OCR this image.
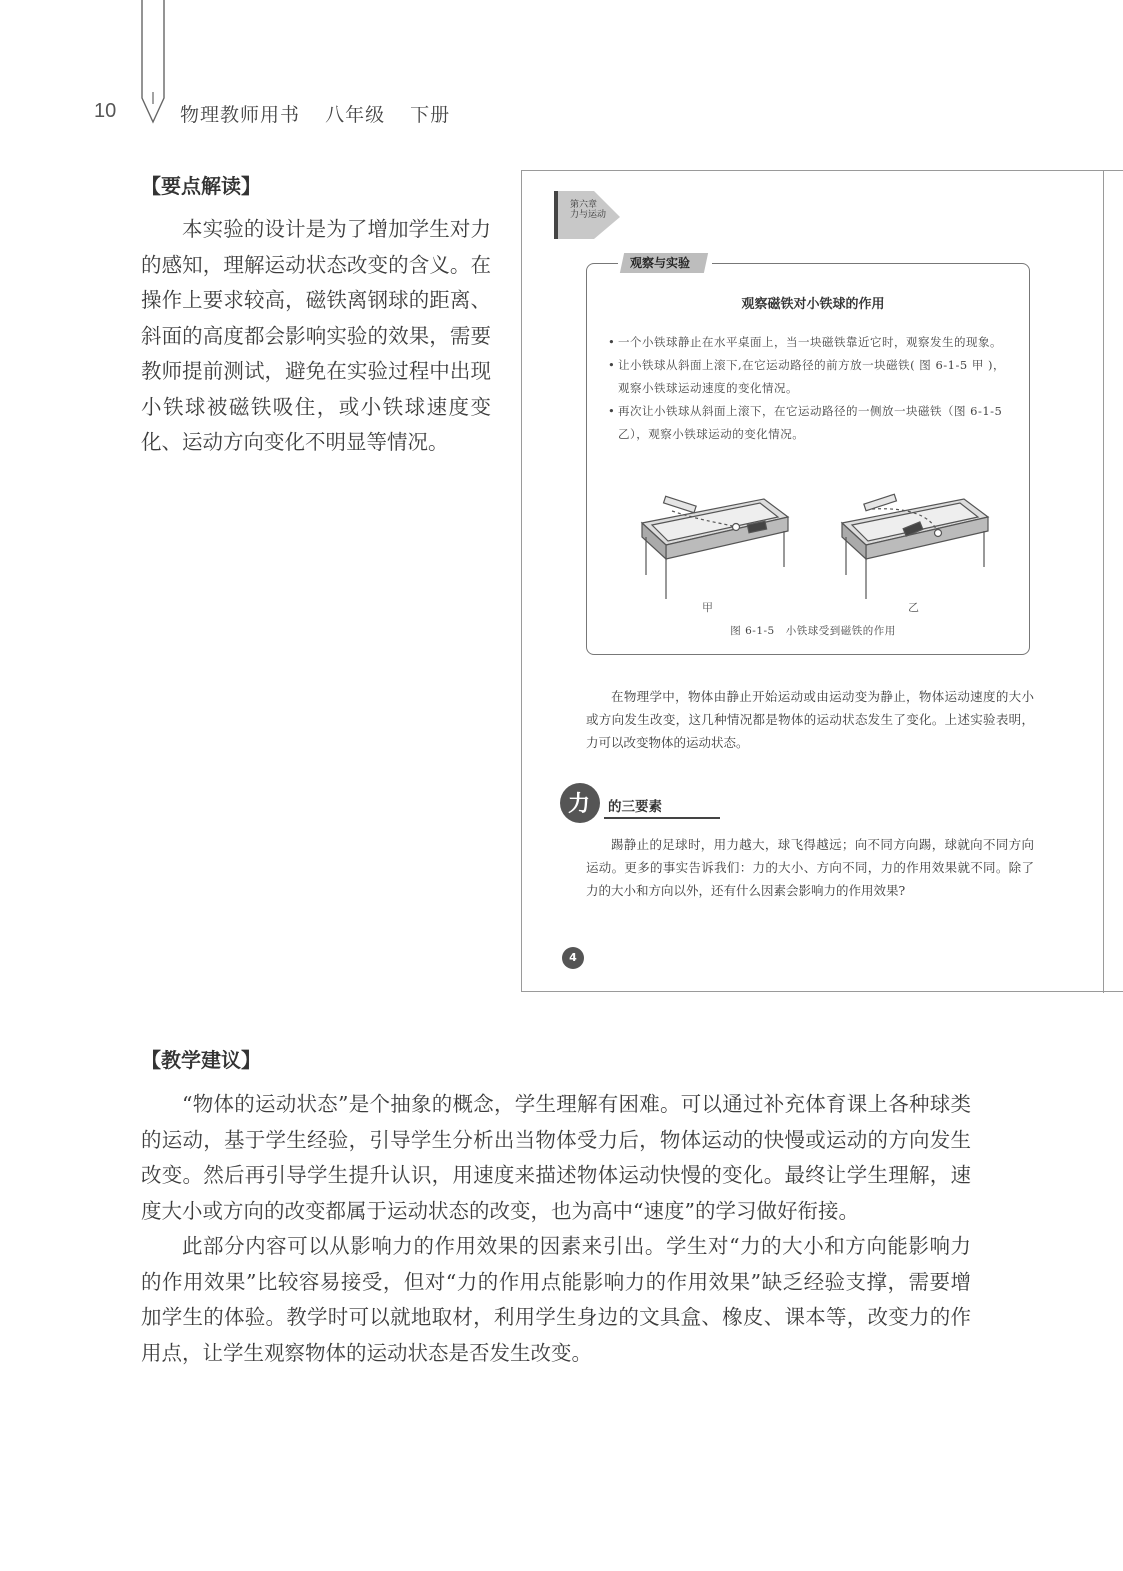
10	物理教师用书 八年级 下册
【要点解读】

本实验的设计是为了增加学生对力的感知，理解运动状态改变的含义。在操作上要求较高，磁铁离钢球的距离、斜面的高度都会影响实验的效果，需要教师提前测试，避免在实验过程中出现小铁球被磁铁吸住，或小铁球速度变化、运动方向变化不明显等情况。

第六章
力与运动
观察与实验
观察磁铁对小铁球的作用
• 一个小铁球静止在水平桌面上，当一块磁铁靠近它时，观察发生的现象。
• 让小铁球从斜面上滚下,在它运动路径的前方放一块磁铁( 图 6-1-5 甲 )，观察小铁球运动速度的变化情况。
• 再次让小铁球从斜面上滚下，在它运动路径的一侧放一块磁铁（图 6-1-5 乙），观察小铁球运动的变化情况。
甲	乙
图 6-1-5　小铁球受到磁铁的作用

在物理学中，物体由静止开始运动或由运动变为静止，物体运动速度的大小或方向发生改变，这几种情况都是物体的运动状态发生了变化。上述实验表明，力可以改变物体的运动状态。

力 的三要素

踢静止的足球时，用力越大，球飞得越远；向不同方向踢，球就向不同方向运动。更多的事实告诉我们：力的大小、方向不同，力的作用效果就不同。除了力的大小和方向以外，还有什么因素会影响力的作用效果?

4
【教学建议】

“物体的运动状态”是个抽象的概念，学生理解有困难。可以通过补充体育课上各种球类的运动，基于学生经验，引导学生分析出当物体受力后，物体运动的快慢或运动的方向发生改变。然后再引导学生提升认识，用速度来描述物体运动快慢的变化。最终让学生理解，速度大小或方向的改变都属于运动状态的改变，也为高中“速度”的学习做好衔接。

此部分内容可以从影响力的作用效果的因素来引出。学生对“力的大小和方向能影响力的作用效果”比较容易接受，但对“力的作用点能影响力的作用效果”缺乏经验支撑，需要增加学生的体验。教学时可以就地取材，利用学生身边的文具盒、橡皮、课本等，改变力的作用点，让学生观察物体的运动状态是否发生改变。
